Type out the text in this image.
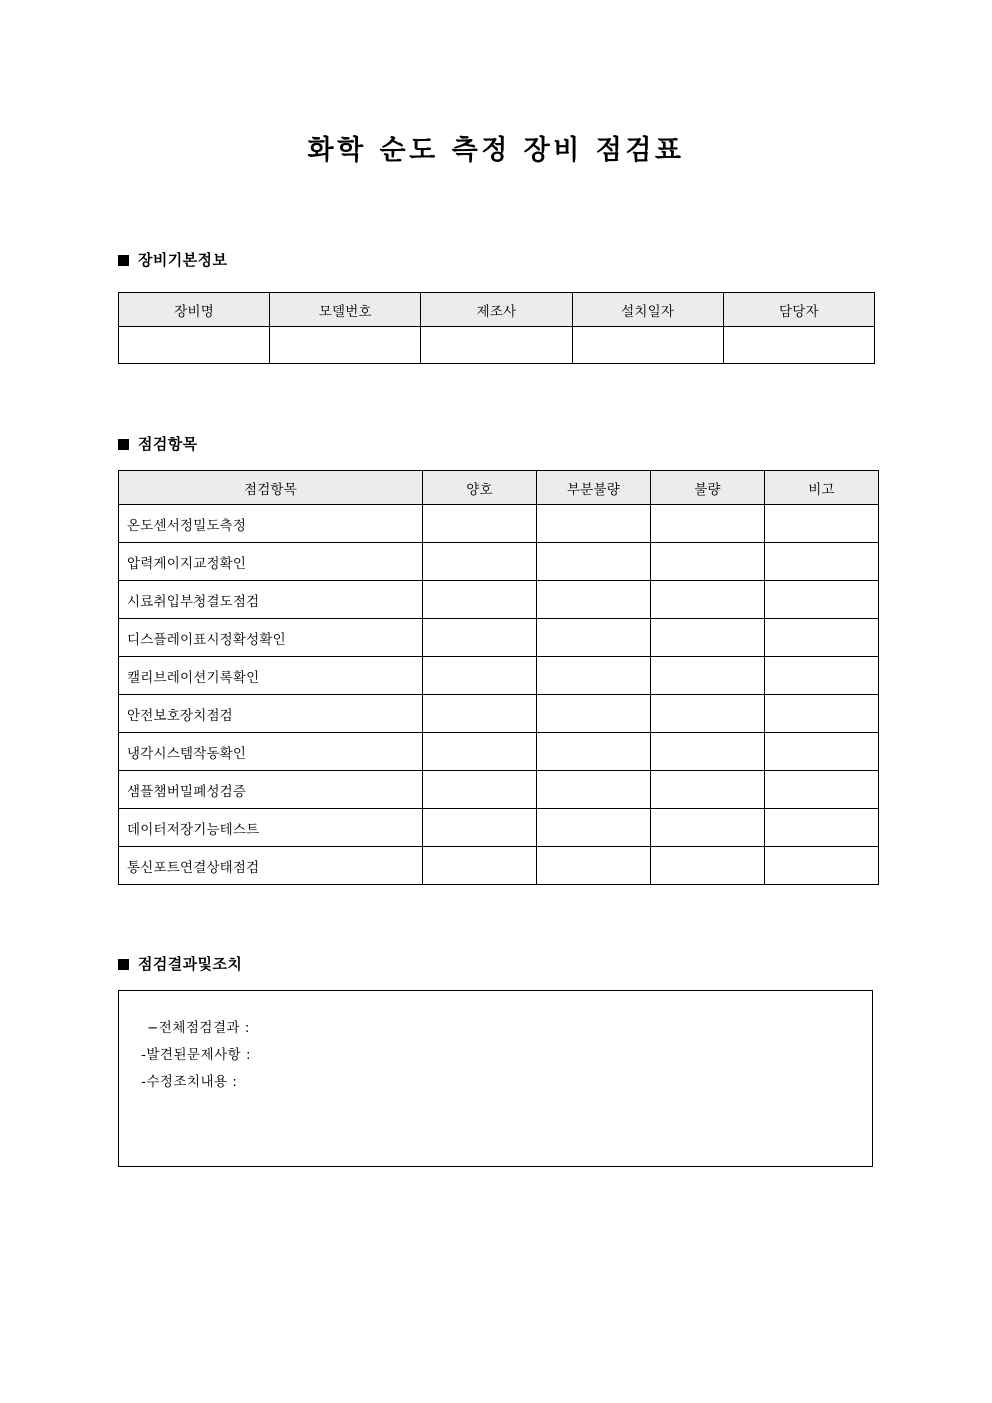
화학 순도 측정 장비 점검표
장비기본정보
장비명	모델번호	제조사	설치일자	담당자

점검항목
점검항목	양호	부분불량	불량	비고
온도센서정밀도측정				
압력게이지교정확인				
시료취입부청결도점검				
디스플레이표시정확성확인				
캘리브레이션기록확인				
안전보호장치점검				
냉각시스템작동확인				
샘플챔버밀폐성검증				
데이터저장기능테스트				
통신포트연결상태점검				
점검결과및조치
−전체점검결과 :
-발견된문제사항 :
-수정조치내용 :
